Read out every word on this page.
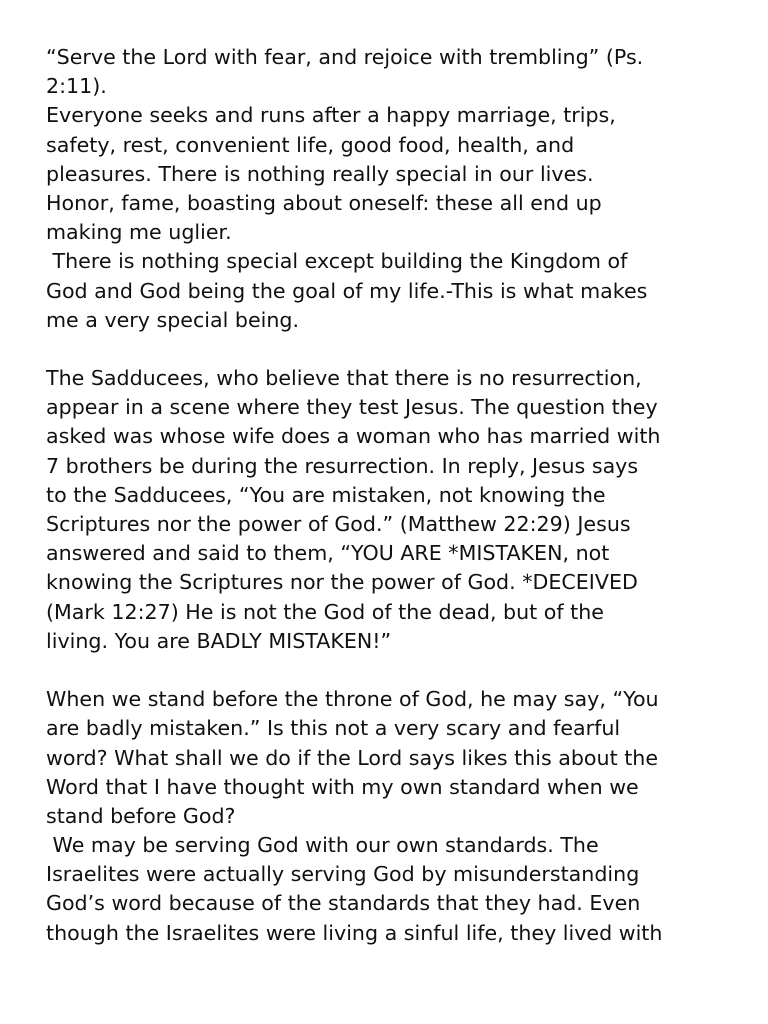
“Serve the Lord with fear, and rejoice with trembling” (Ps.
2:11).
Everyone seeks and runs after a happy marriage, trips,
safety, rest, convenient life, good food, health, and
pleasures. There is nothing really special in our lives.
Honor, fame, boasting about oneself: these all end up
making me uglier.
There is nothing special except building the Kingdom of
God and God being the goal of my life.-This is what makes
me a very special being.
The Sadducees, who believe that there is no resurrection,
appear in a scene where they test Jesus. The question they
asked was whose wife does a woman who has married with
7 brothers be during the resurrection. In reply, Jesus says
to the Sadducees, “You are mistaken, not knowing the
Scriptures nor the power of God.” (Matthew 22:29) Jesus
answered and said to them, “YOU ARE *MISTAKEN, not
knowing the Scriptures nor the power of God. *DECEIVED
(Mark 12:27) He is not the God of the dead, but of the
living. You are BADLY MISTAKEN!”
When we stand before the throne of God, he may say, “You
are badly mistaken.” Is this not a very scary and fearful
word? What shall we do if the Lord says likes this about the
Word that I have thought with my own standard when we
stand before God?
We may be serving God with our own standards. The
Israelites were actually serving God by misunderstanding
God’s word because of the standards that they had. Even
though the Israelites were living a sinful life, they lived with
